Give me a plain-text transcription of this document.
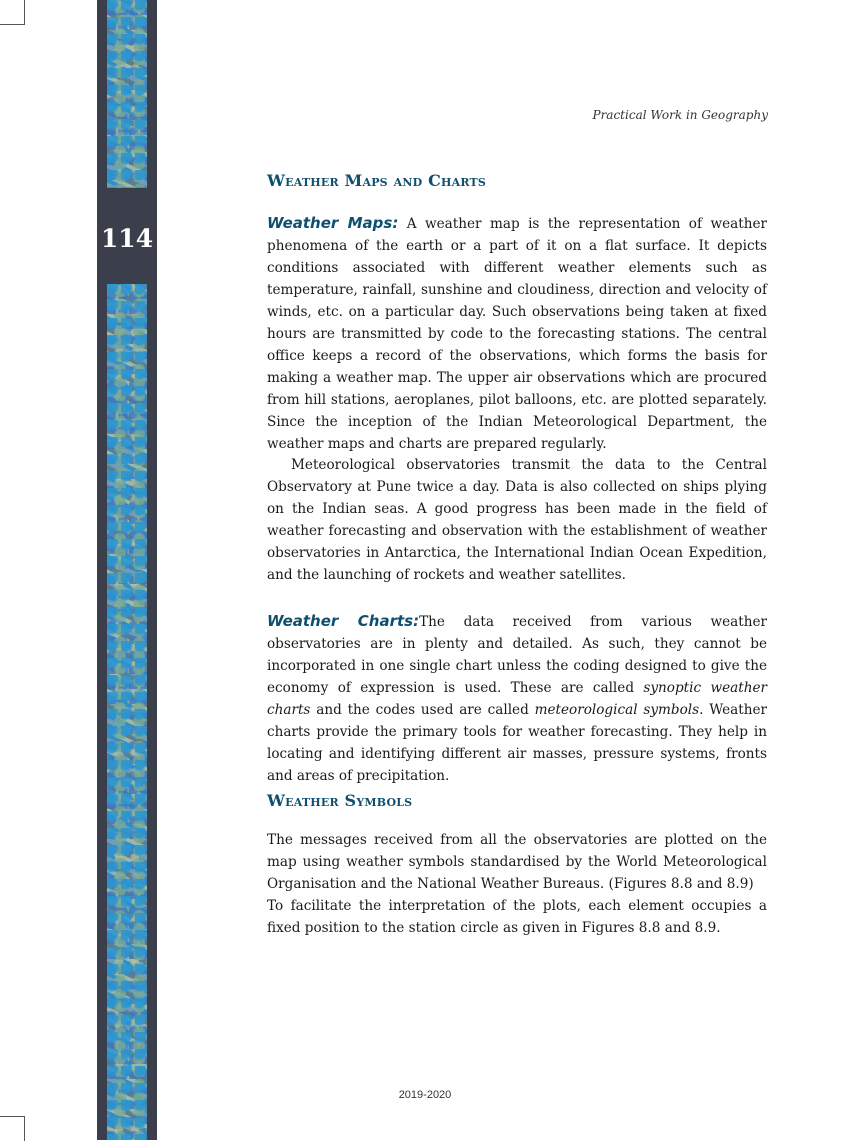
114
Practical Work in Geography
Weather Maps and Charts

Weather Maps: A weather map is the representation of weather phenomena of the earth or a part of it on a flat surface. It depicts conditions associated with different weather elements such as temperature, rainfall, sunshine and cloudiness, direction and velocity of winds, etc. on a particular day. Such observations being taken at fixed hours are transmitted by code to the forecasting stations. The central office keeps a record of the observations, which forms the basis for making a weather map. The upper air observations which are procured from hill stations, aeroplanes, pilot balloons, etc. are plotted separately. Since the inception of the Indian Meteorological Department, the weather maps and charts are prepared regularly.

Meteorological observatories transmit the data to the Central Observatory at Pune twice a day. Data is also collected on ships plying on the Indian seas. A good progress has been made in the field of weather forecasting and observation with the establishment of weather observatories in Antarctica, the International Indian Ocean Expedition, and the launching of rockets and weather satellites.

Weather Charts:The data received from various weather observatories are in plenty and detailed. As such, they cannot be incorporated in one single chart unless the coding designed to give the economy of expression is used. These are called synoptic weather charts and the codes used are called meteorological symbols. Weather charts provide the primary tools for weather forecasting. They help in locating and identifying different air masses, pressure systems, fronts and areas of precipitation.

Weather Symbols

The messages received from all the observatories are plotted on the map using weather symbols standardised by the World Meteorological Organisation and the National Weather Bureaus. (Figures 8.8 and 8.9)
To facilitate the interpretation of the plots, each element occupies a fixed position to the station circle as given in Figures 8.8 and 8.9.

2019-2020
